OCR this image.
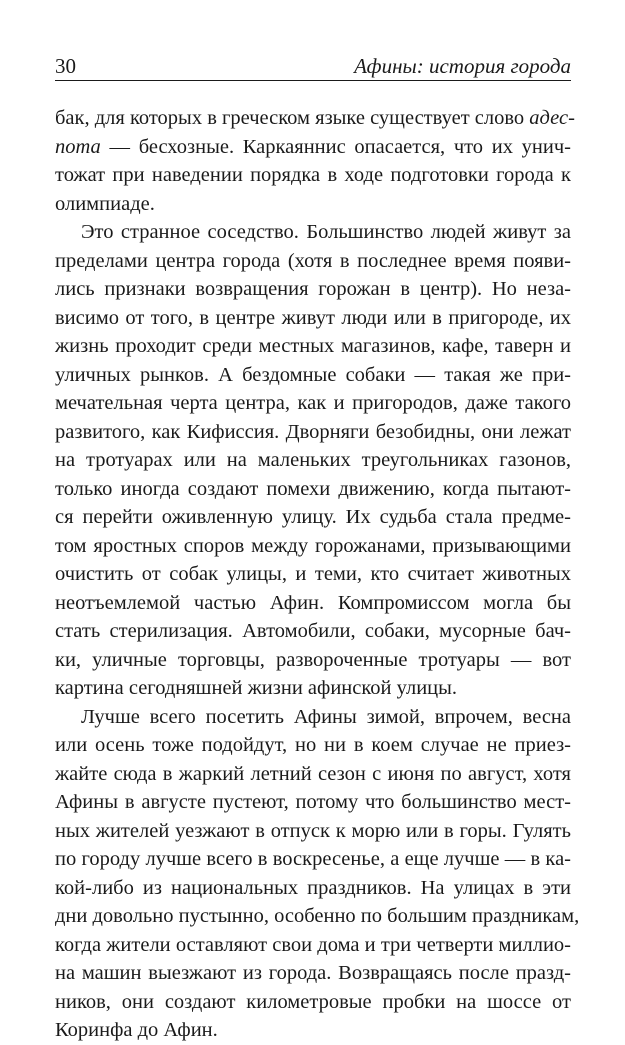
30	Афины: история города
бак, для которых в греческом языке существует слово адес-
пота — бесхозные. Каркаяннис опасается, что их унич-
тожат при наведении порядка в ходе подготовки города к
олимпиаде.
Это странное соседство. Большинство людей живут за
пределами центра города (хотя в последнее время появи-
лись признаки возвращения горожан в центр). Но неза-
висимо от того, в центре живут люди или в пригороде, их
жизнь проходит среди местных магазинов, кафе, таверн и
уличных рынков. А бездомные собаки — такая же при-
мечательная черта центра, как и пригородов, даже такого
развитого, как Кифиссия. Дворняги безобидны, они лежат
на тротуарах или на маленьких треугольниках газонов,
только иногда создают помехи движению, когда пытают-
ся перейти оживленную улицу. Их судьба стала предме-
том яростных споров между горожанами, призывающими
очистить от собак улицы, и теми, кто считает животных
неотъемлемой частью Афин. Компромиссом могла бы
стать стерилизация. Автомобили, собаки, мусорные бач-
ки, уличные торговцы, развороченные тротуары — вот
картина сегодняшней жизни афинской улицы.
Лучше всего посетить Афины зимой, впрочем, весна
или осень тоже подойдут, но ни в коем случае не приез-
жайте сюда в жаркий летний сезон с июня по август, хотя
Афины в августе пустеют, потому что большинство мест-
ных жителей уезжают в отпуск к морю или в горы. Гулять
по городу лучше всего в воскресенье, а еще лучше — в ка-
кой-либо из национальных праздников. На улицах в эти
дни довольно пустынно, особенно по большим праздникам,
когда жители оставляют свои дома и три четверти миллио-
на машин выезжают из города. Возвращаясь после празд-
ников, они создают километровые пробки на шоссе от
Коринфа до Афин.
